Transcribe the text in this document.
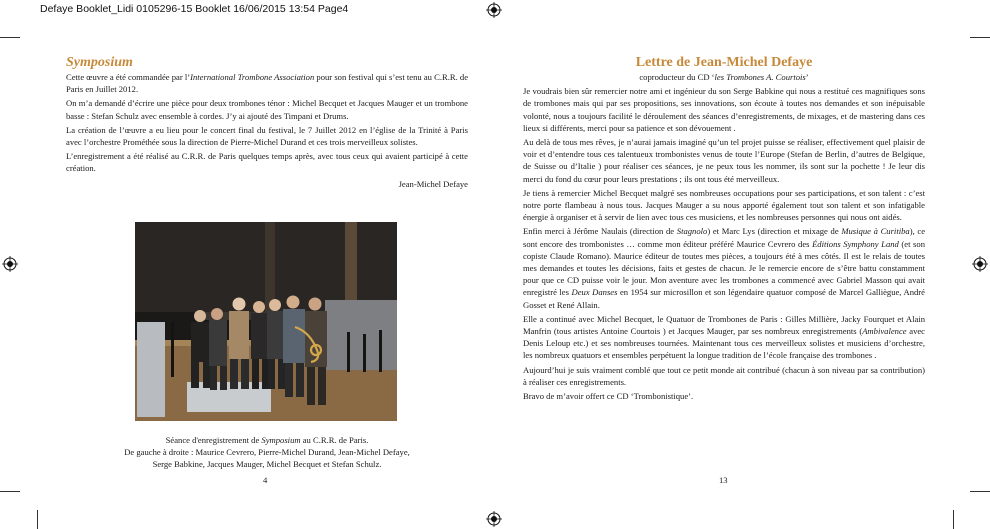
Defaye Booklet_Lidi 0105296-15 Booklet 16/06/2015 13:54 Page4
Symposium

Cette œuvre a été commandée par l’International Trombone Association pour son festival qui s’est tenu au C.R.R. de Paris en Juillet 2012.

On m’a demandé d’écrire une pièce pour deux trombones ténor : Michel Becquet et Jacques Mauger et un trombone basse : Stefan Schulz avec ensemble à cordes. J’y ai ajouté des Timpani et Drums.

La création de l’œuvre a eu lieu pour le concert final du festival, le 7 Juillet 2012 en l’église de la Trinité à Paris avec l’orchestre Prométhée sous la direction de Pierre-Michel Durand et ces trois merveilleux solistes.

L’enregistrement a été réalisé au C.R.R. de Paris quelques temps après, avec tous ceux qui avaient participé à cette création.

Jean-Michel Defaye
Séance d'enregistrement de Symposium au C.R.R. de Paris.
De gauche à droite : Maurice Cevrero, Pierre-Michel Durand, Jean-Michel Defaye,
Serge Babkine, Jacques Mauger, Michel Becquet et Stefan Schulz.
4
Lettre de Jean-Michel Defaye
coproducteur du CD ‘les Trombones A. Courtois’

Je voudrais bien sûr remercier notre ami et ingénieur du son Serge Babkine qui nous a restitué ces magnifiques sons de trombones mais qui par ses propositions, ses innovations, son écoute à toutes nos demandes et son inépuisable volonté, nous a toujours facilité le déroulement des séances d’enregistrements, de mixages, et de mastering dans ces lieux si différents, merci pour sa patience et son dévouement .

Au delà de tous mes rêves, je n’aurai jamais imaginé qu’un tel projet puisse se réaliser, effectivement quel plaisir de voir et d’entendre tous ces talentueux trombonistes venus de toute l’Europe (Stefan de Berlin, d’autres de Belgique, de Suisse ou d’Italie ) pour réaliser ces séances, je ne peux tous les nommer, ils sont sur la pochette ! Je leur dis merci du fond du cœur pour leurs prestations ; ils ont tous été merveilleux.

Je tiens à remercier Michel Becquet malgré ses nombreuses occupations pour ses participations, et son talent : c’est notre porte flambeau à nous tous. Jacques Mauger a su nous apporté également tout son talent et son infatigable énergie à organiser et à servir de lien avec tous ces musiciens, et les nombreuses personnes qui nous ont aidés.

Enfin merci à Jérôme Naulais (direction de Stagnolo) et Marc Lys (direction et mixage de Musique à Curitiba), ce sont encore des trombonistes … comme mon éditeur préféré Maurice Cevrero des Éditions Symphony Land (et son copiste Claude Romano). Maurice éditeur de toutes mes pièces, a toujours été à mes côtés. Il est le relais de toutes mes demandes et toutes les décisions, faits et gestes de chacun. Je le remercie encore de s’être battu constamment pour que ce CD puisse voir le jour. Mon aventure avec les trombones a commencé avec Gabriel Masson qui avait enregistré les Deux Danses en 1954 sur microsillon et son légendaire quatuor composé de Marcel Galliègue, André Gosset et René Allain.

Elle a continué avec Michel Becquet, le Quatuor de Trombones de Paris : Gilles Millière, Jacky Fourquet et Alain Manfrin (tous artistes Antoine Courtois ) et Jacques Mauger, par ses nombreux enregistrements (Ambivalence avec Denis Leloup etc.) et ses nombreuses tournées. Maintenant tous ces merveilleux solistes et musiciens d’orchestre, les nombreux quatuors et ensembles perpétuent la longue tradition de l’école française des trombones .

Aujourd’hui je suis vraiment comblé que tout ce petit monde ait contribué (chacun à son niveau par sa contribution) à réaliser ces enregistrements.

Bravo de m’avoir offert ce CD ‘Trombonistique’.

13
